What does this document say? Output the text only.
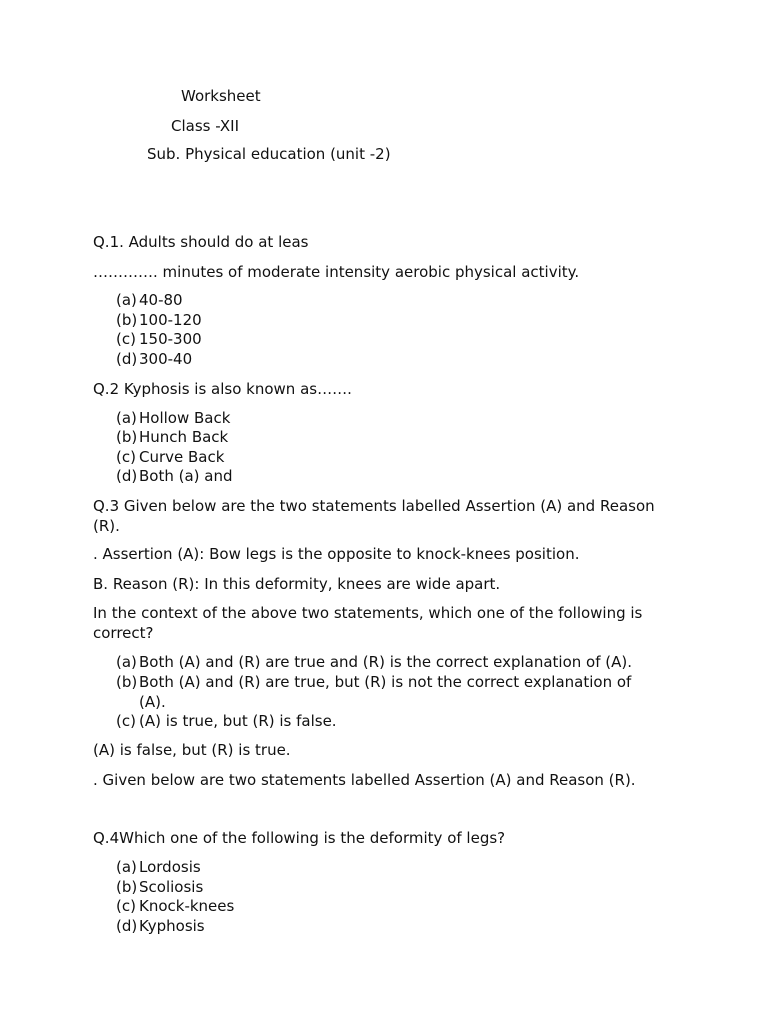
Worksheet
Class -XII
Sub. Physical education (unit -2)
Q.1. Adults should do at leas
…………. minutes of moderate intensity aerobic physical activity.
(a) 40-80
(b) 100-120
(c) 150-300
(d) 300-40
Q.2 Kyphosis is also known as…….
(a) Hollow Back
(b) Hunch Back
(c) Curve Back
(d) Both (a) and
Q.3 Given below are the two statements labelled Assertion (A) and Reason (R).
. Assertion (A): Bow legs is the opposite to knock-knees position.
B. Reason (R): In this deformity, knees are wide apart.
In the context of the above two statements, which one of the following is correct?
(a) Both (A) and (R) are true and (R) is the correct explanation of (A).
(b) Both (A) and (R) are true, but (R) is not the correct explanation of (A).
(c) (A) is true, but (R) is false.
(A) is false, but (R) is true.
. Given below are two statements labelled Assertion (A) and Reason (R).
Q.4Which one of the following is the deformity of legs?
(a) Lordosis
(b) Scoliosis
(c) Knock-knees
(d) Kyphosis
